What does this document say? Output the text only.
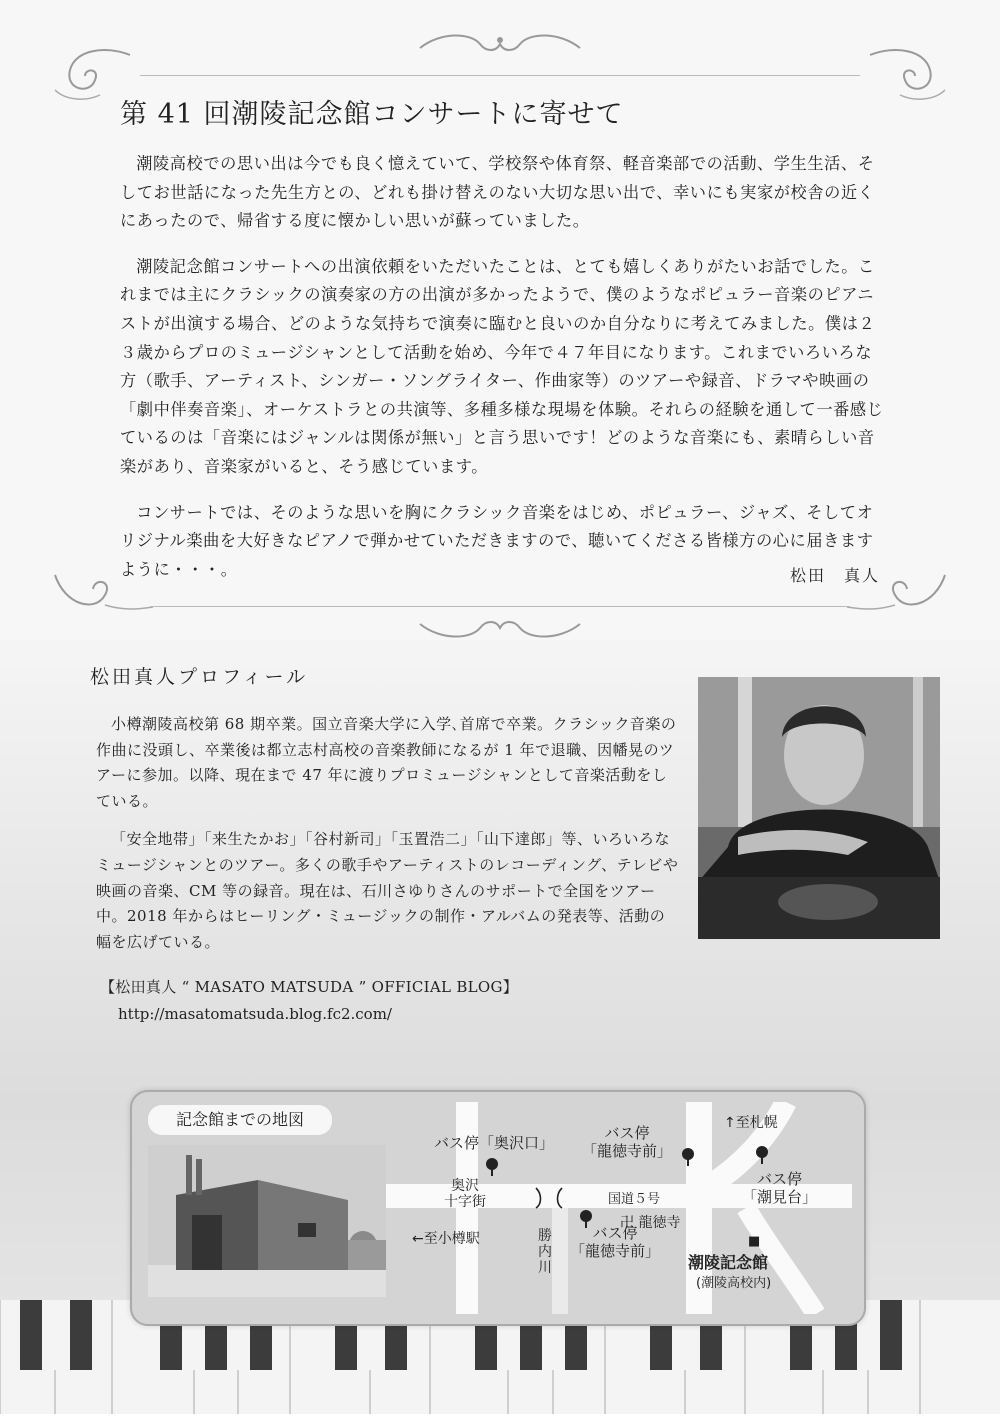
第 41 回潮陵記念館コンサートに寄せて

潮陵高校での思い出は今でも良く憶えていて、学校祭や体育祭、軽音楽部での活動、学生生活、そしてお世話になった先生方との、どれも掛け替えのない大切な思い出で、幸いにも実家が校舎の近くにあったので、帰省する度に懐かしい思いが蘇っていました。

潮陵記念館コンサートへの出演依頼をいただいたことは、とても嬉しくありがたいお話でした。これまでは主にクラシックの演奏家の方の出演が多かったようで、僕のようなポピュラー音楽のピアニストが出演する場合、どのような気持ちで演奏に臨むと良いのか自分なりに考えてみました。僕は２３歳からプロのミュージシャンとして活動を始め、今年で４７年目になります。これまでいろいろな方（歌手、アーティスト、シンガー・ソングライター、作曲家等）のツアーや録音、ドラマや映画の「劇中伴奏音楽」、オーケストラとの共演等、多種多様な現場を体験。それらの経験を通して一番感じているのは「音楽にはジャンルは関係が無い」と言う思いです！どのような音楽にも、素晴らしい音楽があり、音楽家がいると、そう感じています。

コンサートでは、そのような思いを胸にクラシック音楽をはじめ、ポピュラー、ジャズ、そしてオリジナル楽曲を大好きなピアノで弾かせていただきますので、聴いてくださる皆様方の心に届きますように・・・。	松田　真人
松田真人プロフィール

小樽潮陵高校第 68 期卒業。国立音楽大学に入学､首席で卒業。クラシック音楽の作曲に没頭し、卒業後は都立志村高校の音楽教師になるが 1 年で退職、因幡晃のツアーに参加。以降、現在まで 47 年に渡りプロミュージシャンとして音楽活動をしている。

「安全地帯」「来生たかお」「谷村新司」「玉置浩二」「山下達郎」等、いろいろなミュージシャンとのツアー。多くの歌手やアーティストのレコーディング、テレビや映画の音楽、CM 等の録音。現在は、石川さゆりさんのサポートで全国をツアー中。2018 年からはヒーリング・ミュージックの制作・アルバムの発表等、活動の幅を広げている。

【松田真人 “ MASATO MATSUDA ” OFFICIAL BLOG】
http://masatomatsuda.blog.fc2.com/
記念館までの地図
バス停「奥沢口」
奥沢
十字街
←至小樽駅	勝
内
川
バス停
「龍徳寺前」
バス停
「龍徳寺前」
国道５号
卍 龍徳寺
↑至札幌
バス停
「潮見台」
■
潮陵記念館
(潮陵高校内)
